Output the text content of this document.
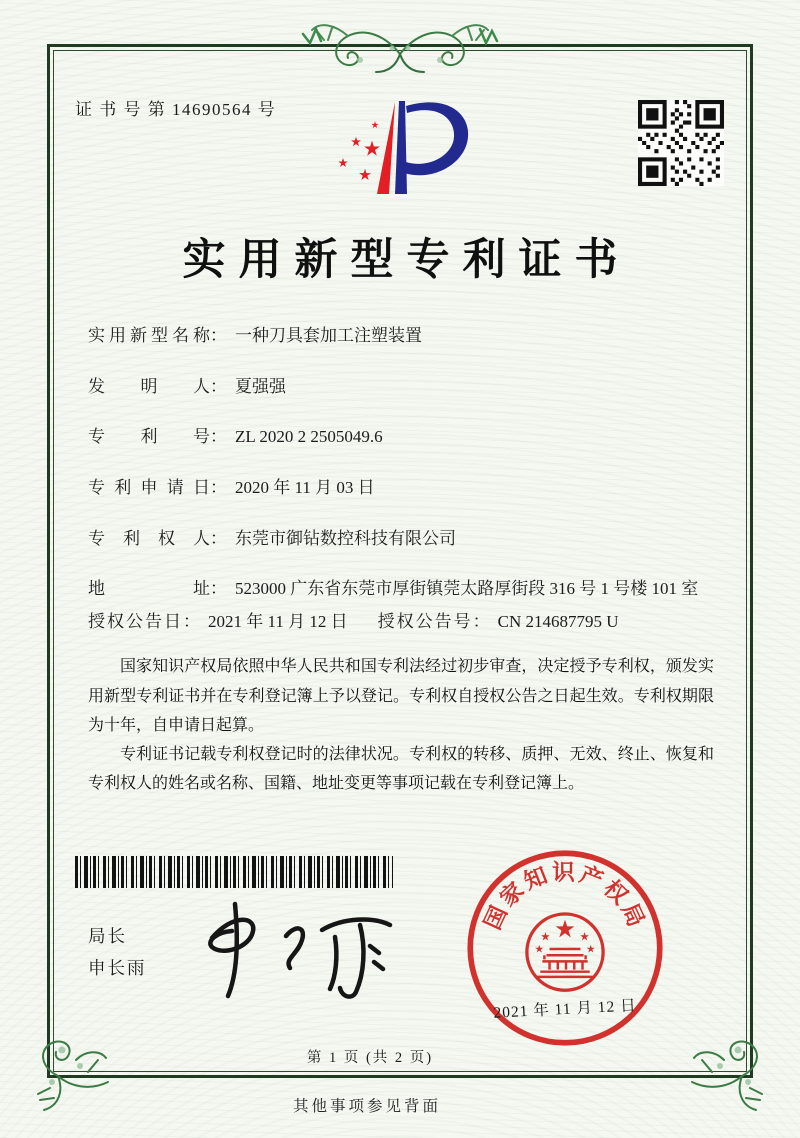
证 书 号 第 14690564 号
实用新型专利证书
实用新型名称 ： 一种刀具套加工注塑装置
发明人 ： 夏强强
专利号 ： ZL 2020 2 2505049.6
专利申请日 ： 2020 年 11 月 03 日
专利权人 ： 东莞市御钻数控科技有限公司
地址 ： 523000 广东省东莞市厚街镇莞太路厚街段 316 号 1 号楼 101 室
授权公告日 ： 2021 年 11 月 12 日 授权公告号 ： CN 214687795 U

国家知识产权局依照中华人民共和国专利法经过初步审查，决定授予专利权，颁发实用新型专利证书并在专利登记簿上予以登记。专利权自授权公告之日起生效。专利权期限为十年，自申请日起算。

专利证书记载专利权登记时的法律状况。专利权的转移、质押、无效、终止、恢复和专利权人的姓名或名称、国籍、地址变更等事项记载在专利登记簿上。

局长
申长雨
国家知识产权局
2021 年 11 月 12 日
第 1 页 (共 2 页)
其他事项参见背面
